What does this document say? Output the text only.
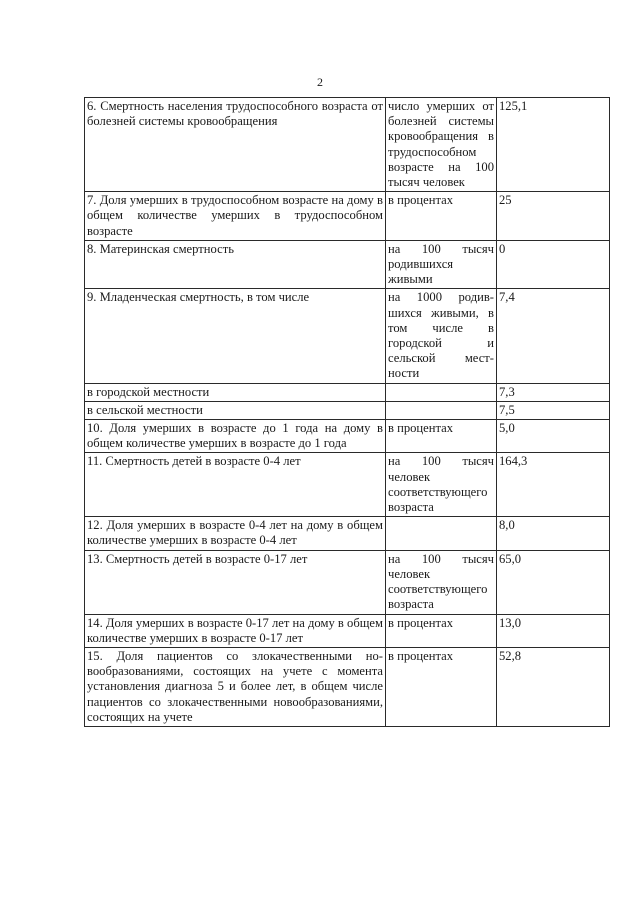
2
6. Смертность населения трудоспособного возраста от болезней системы кровообращения	число умерших от болезней системы кровообращения в трудоспособном возрасте на 100 тысяч человек	125,1
7. Доля умерших в трудоспособном возрасте на дому в общем количестве умерших в трудоспособном возрасте	в процентах	25
8. Материнская смертность	на 100 тысяч родившихся живыми	0
9. Младенческая смертность, в том числе	на 1000 родившихся живыми, в том числе в городской и сельской местности	7,4
в городской местности		7,3
в сельской местности		7,5
10. Доля умерших в возрасте до 1 года на дому в общем количестве умерших в возрасте до 1 года	в процентах	5,0
11. Смертность детей в возрасте 0-4 лет	на 100 тысяч человек соответствующего возраста	164,3
12. Доля умерших в возрасте 0-4 лет на дому в общем количестве умерших в возрасте 0-4 лет		8,0
13. Смертность детей в возрасте 0-17 лет	на 100 тысяч человек соответствующего возраста	65,0
14. Доля умерших в возрасте 0-17 лет на дому в общем количестве умерших в возрасте 0-17 лет	в процентах	13,0
15. Доля пациентов со злокачественными новообразованиями, состоящих на учете с момента установления диагноза 5 и более лет, в общем числе пациентов со злокачественными новообразованиями, состоящих на учете	в процентах	52,8
